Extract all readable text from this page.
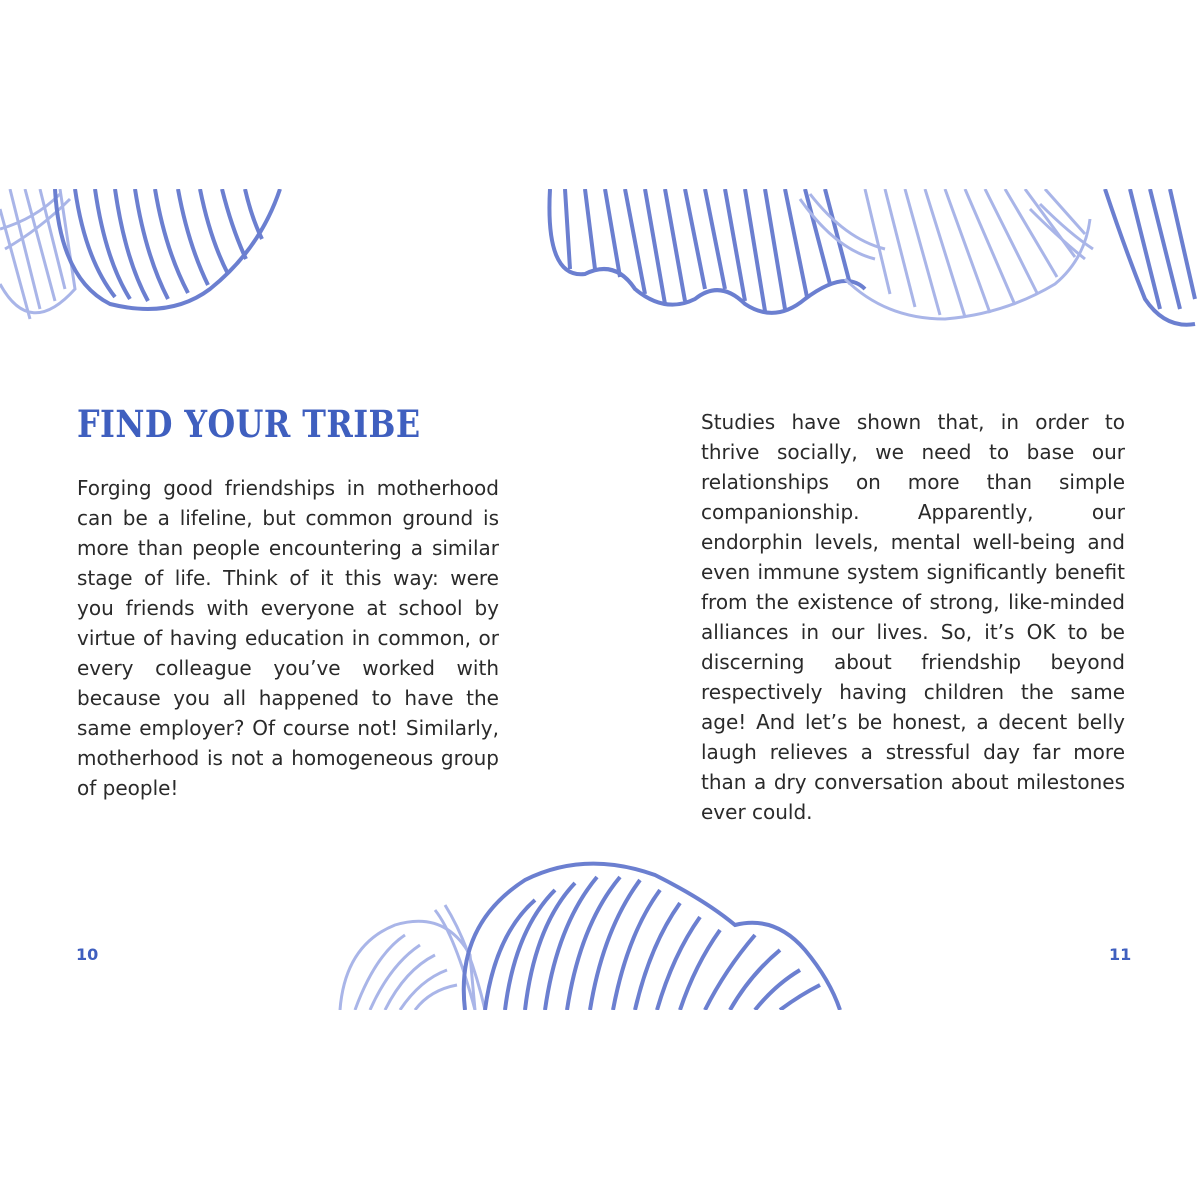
FIND YOUR TRIBE

Forging good friendships in motherhood can be a lifeline, but common ground is more than people encountering a similar stage of life. Think of it this way: were you friends with everyone at school by virtue of having education in common, or every colleague you’ve worked with because you all happened to have the same employer? Of course not! Similarly, motherhood is not a homogeneous group of people!

Studies have shown that, in order to thrive socially, we need to base our relationships on more than simple companionship. Apparently, our endorphin levels, mental well-being and even immune system significantly benefit from the existence of strong, like-minded alliances in our lives. So, it’s OK to be discerning about friendship beyond respectively having children the same age! And let’s be honest, a decent belly laugh relieves a stressful day far more than a dry conversation about milestones ever could.

10	11
